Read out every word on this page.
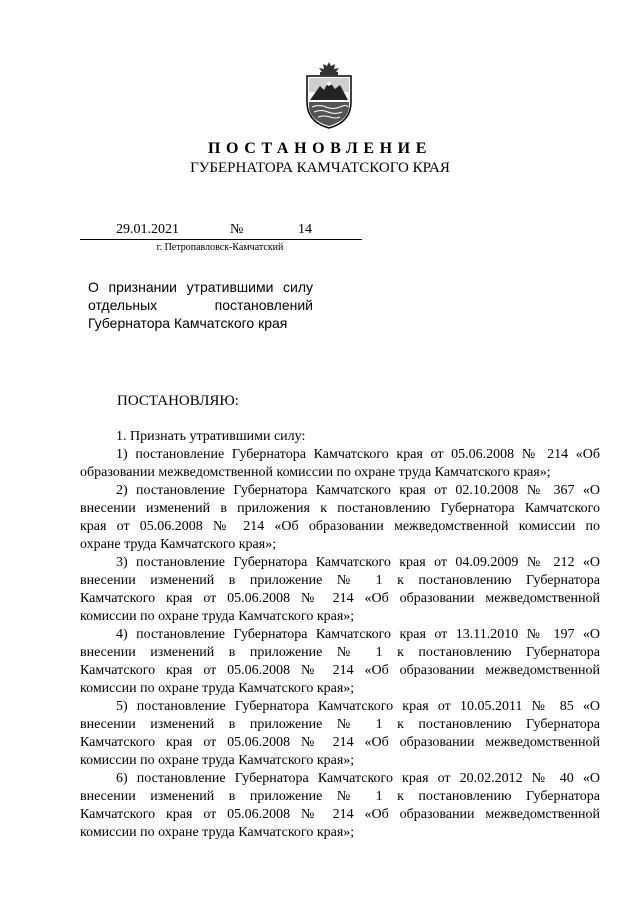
ПОСТАНОВЛЕНИЕ
ГУБЕРНАТОРА КАМЧАТСКОГО КРАЯ
29.01.2021	№	14
г. Петропавловск-Камчатский
О признании утратившими силу
отдельных постановлений
Губернатора Камчатского края
ПОСТАНОВЛЯЮ:
1. Признать утратившими силу:
1) постановление Губернатора Камчатского края от 05.06.2008 № 214 «Об
образовании межведомственной комиссии по охране труда Камчатского края»;
2) постановление Губернатора Камчатского края от 02.10.2008 № 367 «О
внесении изменений в приложения к постановлению Губернатора Камчатского
края от 05.06.2008 № 214 «Об образовании межведомственной комиссии по
охране труда Камчатского края»;
3) постановление Губернатора Камчатского края от 04.09.2009 № 212 «О
внесении изменений в приложение № 1 к постановлению Губернатора
Камчатского края от 05.06.2008 № 214 «Об образовании межведомственной
комиссии по охране труда Камчатского края»;
4) постановление Губернатора Камчатского края от 13.11.2010 № 197 «О
внесении изменений в приложение № 1 к постановлению Губернатора
Камчатского края от 05.06.2008 № 214 «Об образовании межведомственной
комиссии по охране труда Камчатского края»;
5) постановление Губернатора Камчатского края от 10.05.2011 № 85 «О
внесении изменений в приложение № 1 к постановлению Губернатора
Камчатского края от 05.06.2008 № 214 «Об образовании межведомственной
комиссии по охране труда Камчатского края»;
6) постановление Губернатора Камчатского края от 20.02.2012 № 40 «О
внесении изменений в приложение № 1 к постановлению Губернатора
Камчатского края от 05.06.2008 № 214 «Об образовании межведомственной
комиссии по охране труда Камчатского края»;
